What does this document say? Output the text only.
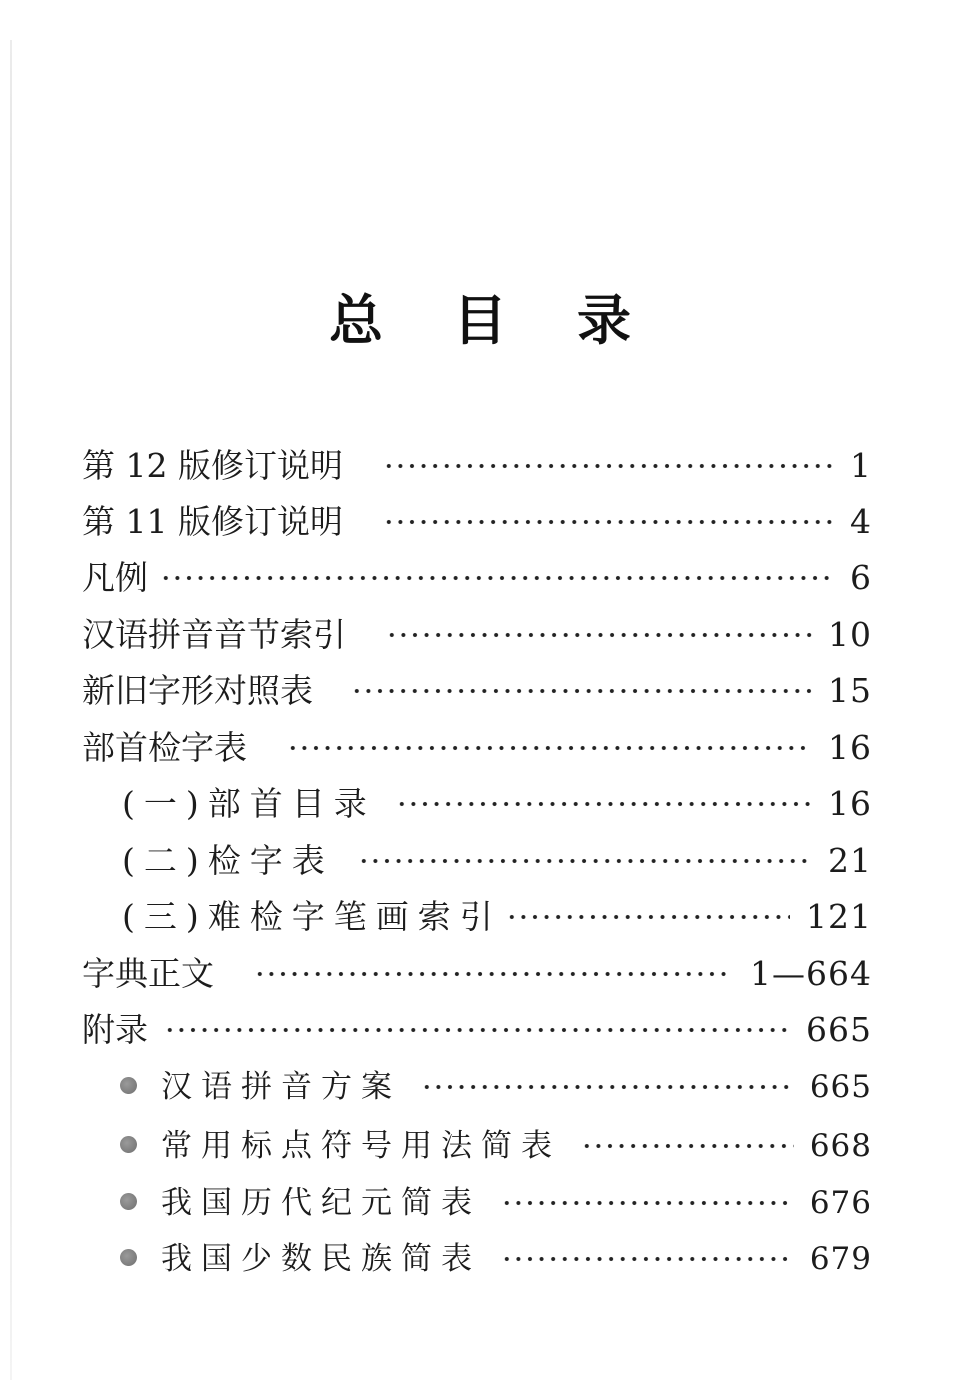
总 目 录
第 12 版修订说明	1
第 11 版修订说明	4
凡例	6
汉语拼音音节索引	10
新旧字形对照表	15
部首检字表	16
(一)部首目录	16
(二)检字表	21
(三)难检字笔画索引	121
字典正文	1—664
附录	665
汉语拼音方案	665
常用标点符号用法简表	668
我国历代纪元简表	676
我国少数民族简表	679
